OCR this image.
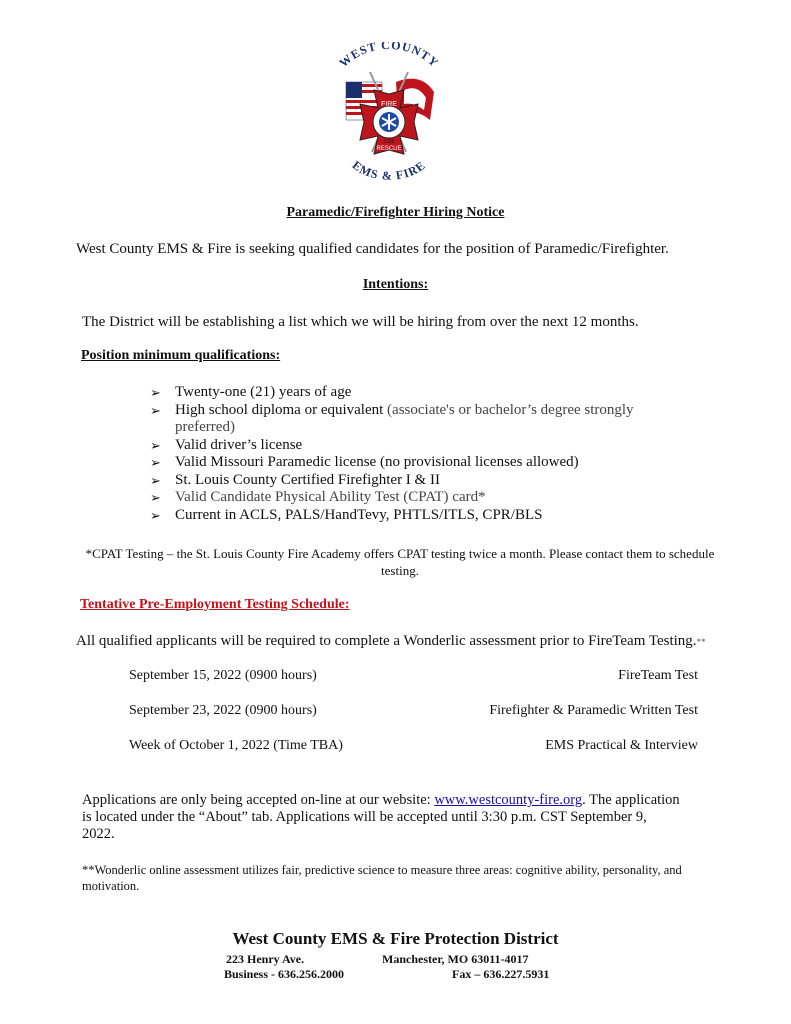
WEST COUNTY
FIRE
1908
RESCUE
EMS & FIRE
Paramedic/Firefighter Hiring Notice
West County EMS & Fire is seeking qualified candidates for the position of Paramedic/Firefighter.
Intentions:
The District will be establishing a list which we will be hiring from over the next 12 months.
Position minimum qualifications:
➢ Twenty-one (21) years of age
➢ High school diploma or equivalent (associate's or bachelor’s degree strongly preferred)
➢ Valid driver’s license
➢ Valid Missouri Paramedic license (no provisional licenses allowed)
➢ St. Louis County Certified Firefighter I & II
➢ Valid Candidate Physical Ability Test (CPAT) card*
➢ Current in ACLS, PALS/HandTevy, PHTLS/ITLS, CPR/BLS
*CPAT Testing – the St. Louis County Fire Academy offers CPAT testing twice a month. Please contact them to schedule testing.
Tentative Pre-Employment Testing Schedule:
All qualified applicants will be required to complete a Wonderlic assessment prior to FireTeam Testing.**
September 15, 2022 (0900 hours)	FireTeam Test
September 23, 2022 (0900 hours)	Firefighter & Paramedic Written Test
Week of October 1, 2022 (Time TBA)	EMS Practical & Interview
Applications are only being accepted on-line at our website: www.westcounty-fire.org. The application is located under the “About” tab. Applications will be accepted until 3:30 p.m. CST September 9, 2022.
**Wonderlic online assessment utilizes fair, predictive science to measure three areas: cognitive ability, personality, and motivation.
West County EMS & Fire Protection District
223 Henry Ave.	Manchester, MO 63011-4017
Business - 636.256.2000	Fax – 636.227.5931
